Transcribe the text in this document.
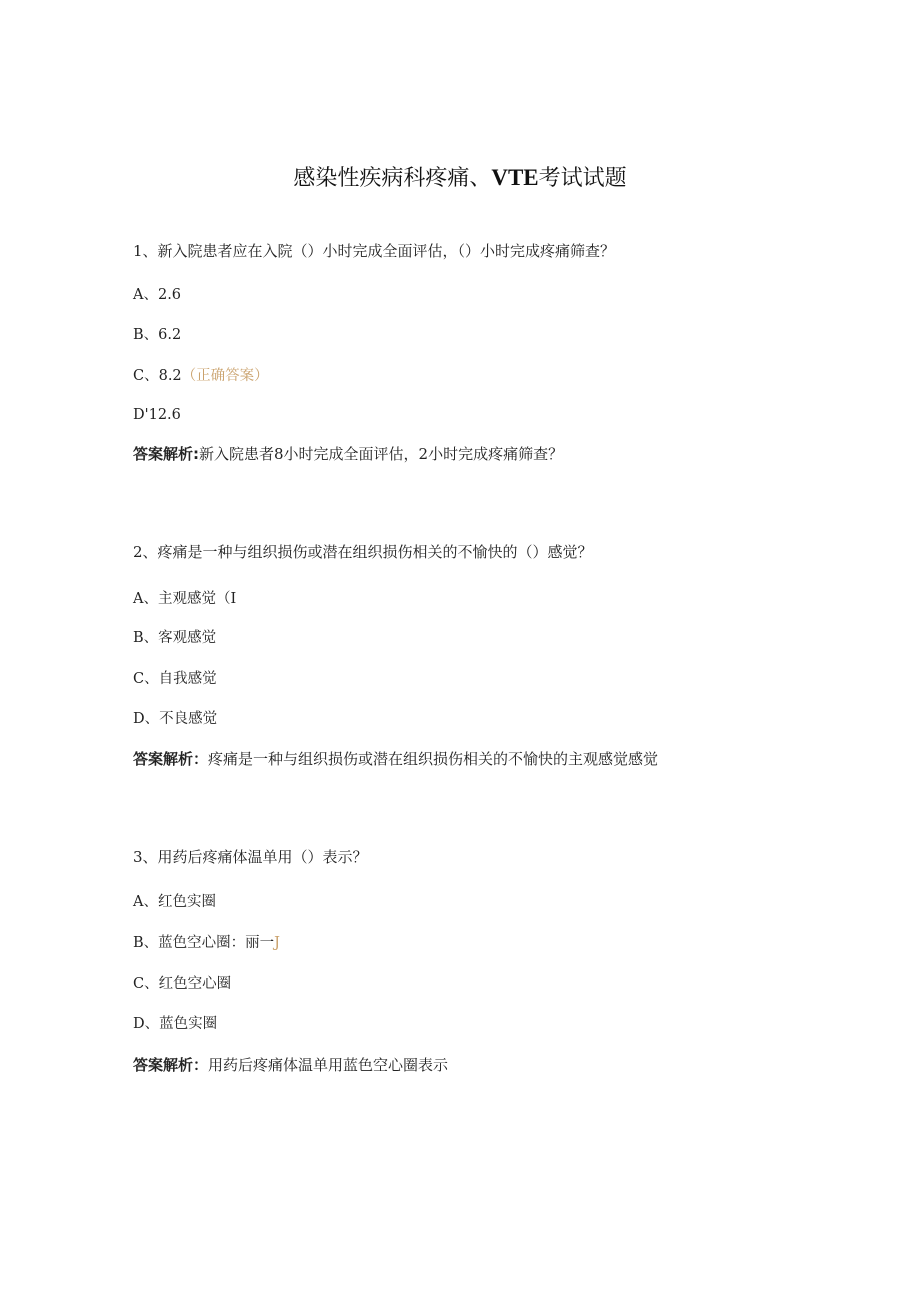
感染性疾病科疼痛、VTE考试试题
1、新入院患者应在入院（）小时完成全面评估，（）小时完成疼痛筛查？
A、2.6
B、6.2
C、8.2（正确答案）
D'12.6
答案解析:新入院患者8小时完成全面评估，2小时完成疼痛筛查？
2、疼痛是一种与组织损伤或潜在组织损伤相关的不愉快的（）感觉？
A、主观感觉（I
B、客观感觉
C、自我感觉
D、不良感觉
答案解析：疼痛是一种与组织损伤或潜在组织损伤相关的不愉快的主观感觉感觉
3、用药后疼痛体温单用（）表示？
A、红色实圈
B、蓝色空心圈：丽一J
C、红色空心圈
D、蓝色实圈
答案解析：用药后疼痛体温单用蓝色空心圈表示
